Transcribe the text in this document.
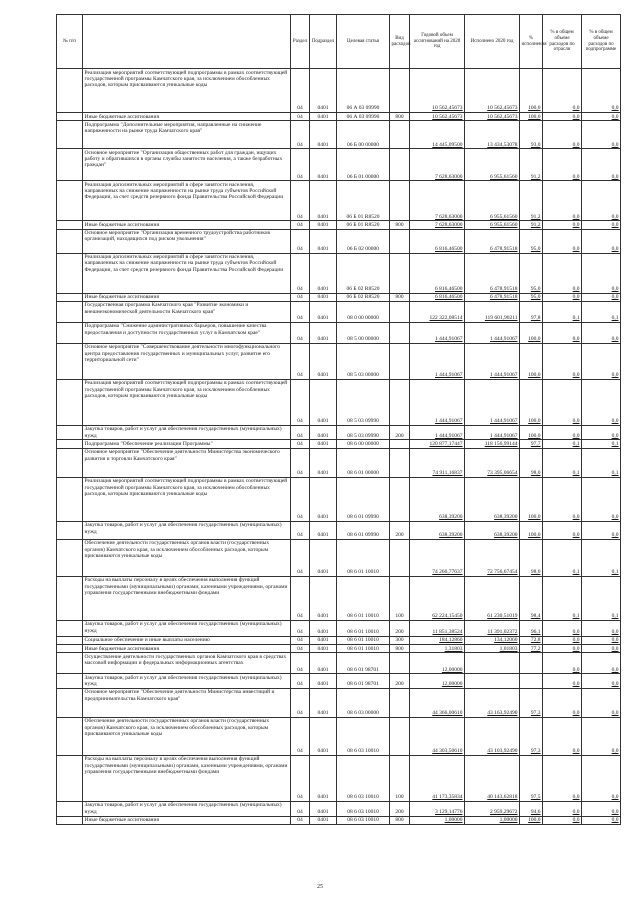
№ п/п		Раздел	Подраздел	Целевая статья	Вид расходов	Годовой объем ассигнований на 2020 год	Исполнено 2020 год	% исполнения	% в общем объеме расходов по отрасли	% в общем объеме расходов по подпрограмме
	Реализация мероприятий соответствующей подпрограммы в рамках соответствующей государственной программы Камчатского края, за исключением обособленных расходов, которым присваиваются уникальные коды	04	0401	06 А 03 09990		10 562,45673	10 562,45673	100,0	0,0	0,0
	Иные бюджетные ассигнования	04	0401	06 А 03 09990	800	10 562,45673	10 562,45673	100,0	0,0	0,0
	Подпрограмма "Дополнительные мероприятия, направленные на снижение напряженности на рынке труда Камчатского края"	04	0401	06 Б 00 00000		14 445,09500	13 434,53078	93,0	0,0	0,0
	Основное мероприятие "Организация общественных работ для граждан, ищущих работу и обратившихся в органы службы занятости населения, а также безработных граждан"	04	0401	06 Б 01 00000		7 628,63000	6 955,61560	91,2	0,0	0,0
	Реализация дополнительных мероприятий в сфере занятости населения, направленных на снижение напряженности на рынке труда субъектов Российской Федерации, за счет средств резервного фонда Правительства Российской Федерации	04	0401	06 Б 01 R8520		7 628,63000	6 955,61560	91,2	0,0	0,0
	Иные бюджетные ассигнования	04	0401	06 Б 01 R8520	800	7 628,63000	6 955,61560	91,2	0,0	0,0
	Основное мероприятие "Организация временного трудоустройства работников организаций, находящихся под риском увольнения"	04	0401	06 Б 02 00000		6 816,46500	6 478,91518	95,0	0,0	0,0
	Реализация дополнительных мероприятий в сфере занятости населения, направленных на снижение напряженности на рынке труда субъектов Российской Федерации, за счет средств резервного фонда Правительства Российской Федерации	04	0401	06 Б 02 R8520		6 816,46500	6 478,91518	95,0	0,0	0,0
	Иные бюджетные ассигнования	04	0401	06 Б 02 R8520	800	6 816,46500	6 478,91518	95,0	0,0	0,0
	Государственная программа Камчатского края "Развитие экономики и внешнеэкономической деятельности Камчатского края"	04	0401	08 0 00 00000		122 322,08514	119 601,90211	97,8	0,1	0,1
	Подпрограмма "Снижение административных барьеров, повышение качества предоставления и доступности государственных услуг в Камчатском крае"	04	0401	08 5 00 00000		1 444,91067	1 444,91067	100,0	0,0	0,0
	Основное мероприятие "Совершенствование деятельности многофункционального центра предоставления государственных и муниципальных услуг, развитие его территориальной сети"	04	0401	08 5 03 00000		1 444,91067	1 444,91067	100,0	0,0	0,0
	Реализация мероприятий соответствующей подпрограммы в рамках соответствующей государственной программы Камчатского края, за исключением обособленных расходов, которым присваиваются уникальные коды	04	0401	08 5 03 09990		1 444,91067	1 444,91067	100,0	0,0	0,0
	Закупка товаров, работ и услуг для обеспечения государственных (муниципальных) нужд	04	0401	08 5 03 09990	200	1 444,91067	1 444,91067	100,0	0,0	0,0
	Подпрограмма "Обеспечение реализации Программы"	04	0401	08 6 00 00000		120 877,17447	118 156,99144	97,7	0,1	0,1
	Основное мероприятие "Обеспечение деятельности Министерства экономического развития и торговли Камчатского края"	04	0401	08 6 01 00000		74 911,16837	73 395,06654	98,0	0,1	0,1
	Реализация мероприятий соответствующей подпрограммы в рамках соответствующей государственной программы Камчатского края, за исключением обособленных расходов, которым присваиваются уникальные коды	04	0401	08 6 01 09990		638,39200	638,39200	100,0	0,0	0,0
	Закупка товаров, работ и услуг для обеспечения государственных (муниципальных) нужд	04	0401	08 6 01 09990	200	638,39200	638,39200	100,0	0,0	0,0
	Обеспечение деятельности государственных органов власти (государственных органов) Камчатского края, за исключением обособленных расходов, которым присваиваются уникальные коды	04	0401	08 6 01 10010		74 260,77637	72 756,67454	98,0	0,1	0,1
	Расходы на выплаты персоналу в целях обеспечения выполнения функций государственными (муниципальными) органами, казенными учреждениями, органами управления государственными внебюджетными фондами	04	0401	08 6 01 10010	100	62 224,15450	61 230,51019	98,4	0,1	0,1
	Закупка товаров, работ и услуг для обеспечения государственных (муниципальных) нужд	04	0401	08 6 01 10010	200	11 851,38524	11 391,02372	96,1	0,0	0,0
	Социальное обеспечение и иные выплаты населению	04	0401	08 6 01 10010	300	184,12860	134,12060	72,8	0,0	0,0
	Иные бюджетные ассигнования	04	0401	08 6 01 10010	800	1,31803	1,01803	77,2	0,0	0,0
	Осуществление деятельности государственных органов Камчатского края в средствах массовой информации и федеральных информационных агентствах	04	0401	08 6 01 98701		12,00000			0,0	0,0
	Закупка товаров, работ и услуг для обеспечения государственных (муниципальных) нужд	04	0401	08 6 01 98701	200	12,00000			0,0	0,0
	Основное мероприятие "Обеспечение деятельности Министерства инвестиций и предпринимательства Камчатского края"	04	0401	08 6 03 00000		44 366,00610	43 163,92490	97,3	0,0	0,0
	Обеспечение деятельности государственных органов власти (государственных органов) Камчатского края, за исключением обособленных расходов, которым присваиваются уникальные коды	04	0401	08 6 03 10010		44 303,50610	43 103,92490	97,3	0,0	0,0
	Расходы на выплаты персоналу в целях обеспечения выполнения функций государственными (муниципальными) органами, казенными учреждениями, органами управления государственными внебюджетными фондами	04	0401	08 6 03 10010	100	41 173,35834	40 143,62818	97,5	0,0	0,0
	Закупка товаров, работ и услуг для обеспечения государственных (муниципальных) нужд	04	0401	08 6 03 10010	200	3 129,14776	2 959,29672	94,6	0,0	0,0
	Иные бюджетные ассигнования	04	0401	08 6 03 10010	800	1,00000	1,00000	100,0	0,0	0,0
25
